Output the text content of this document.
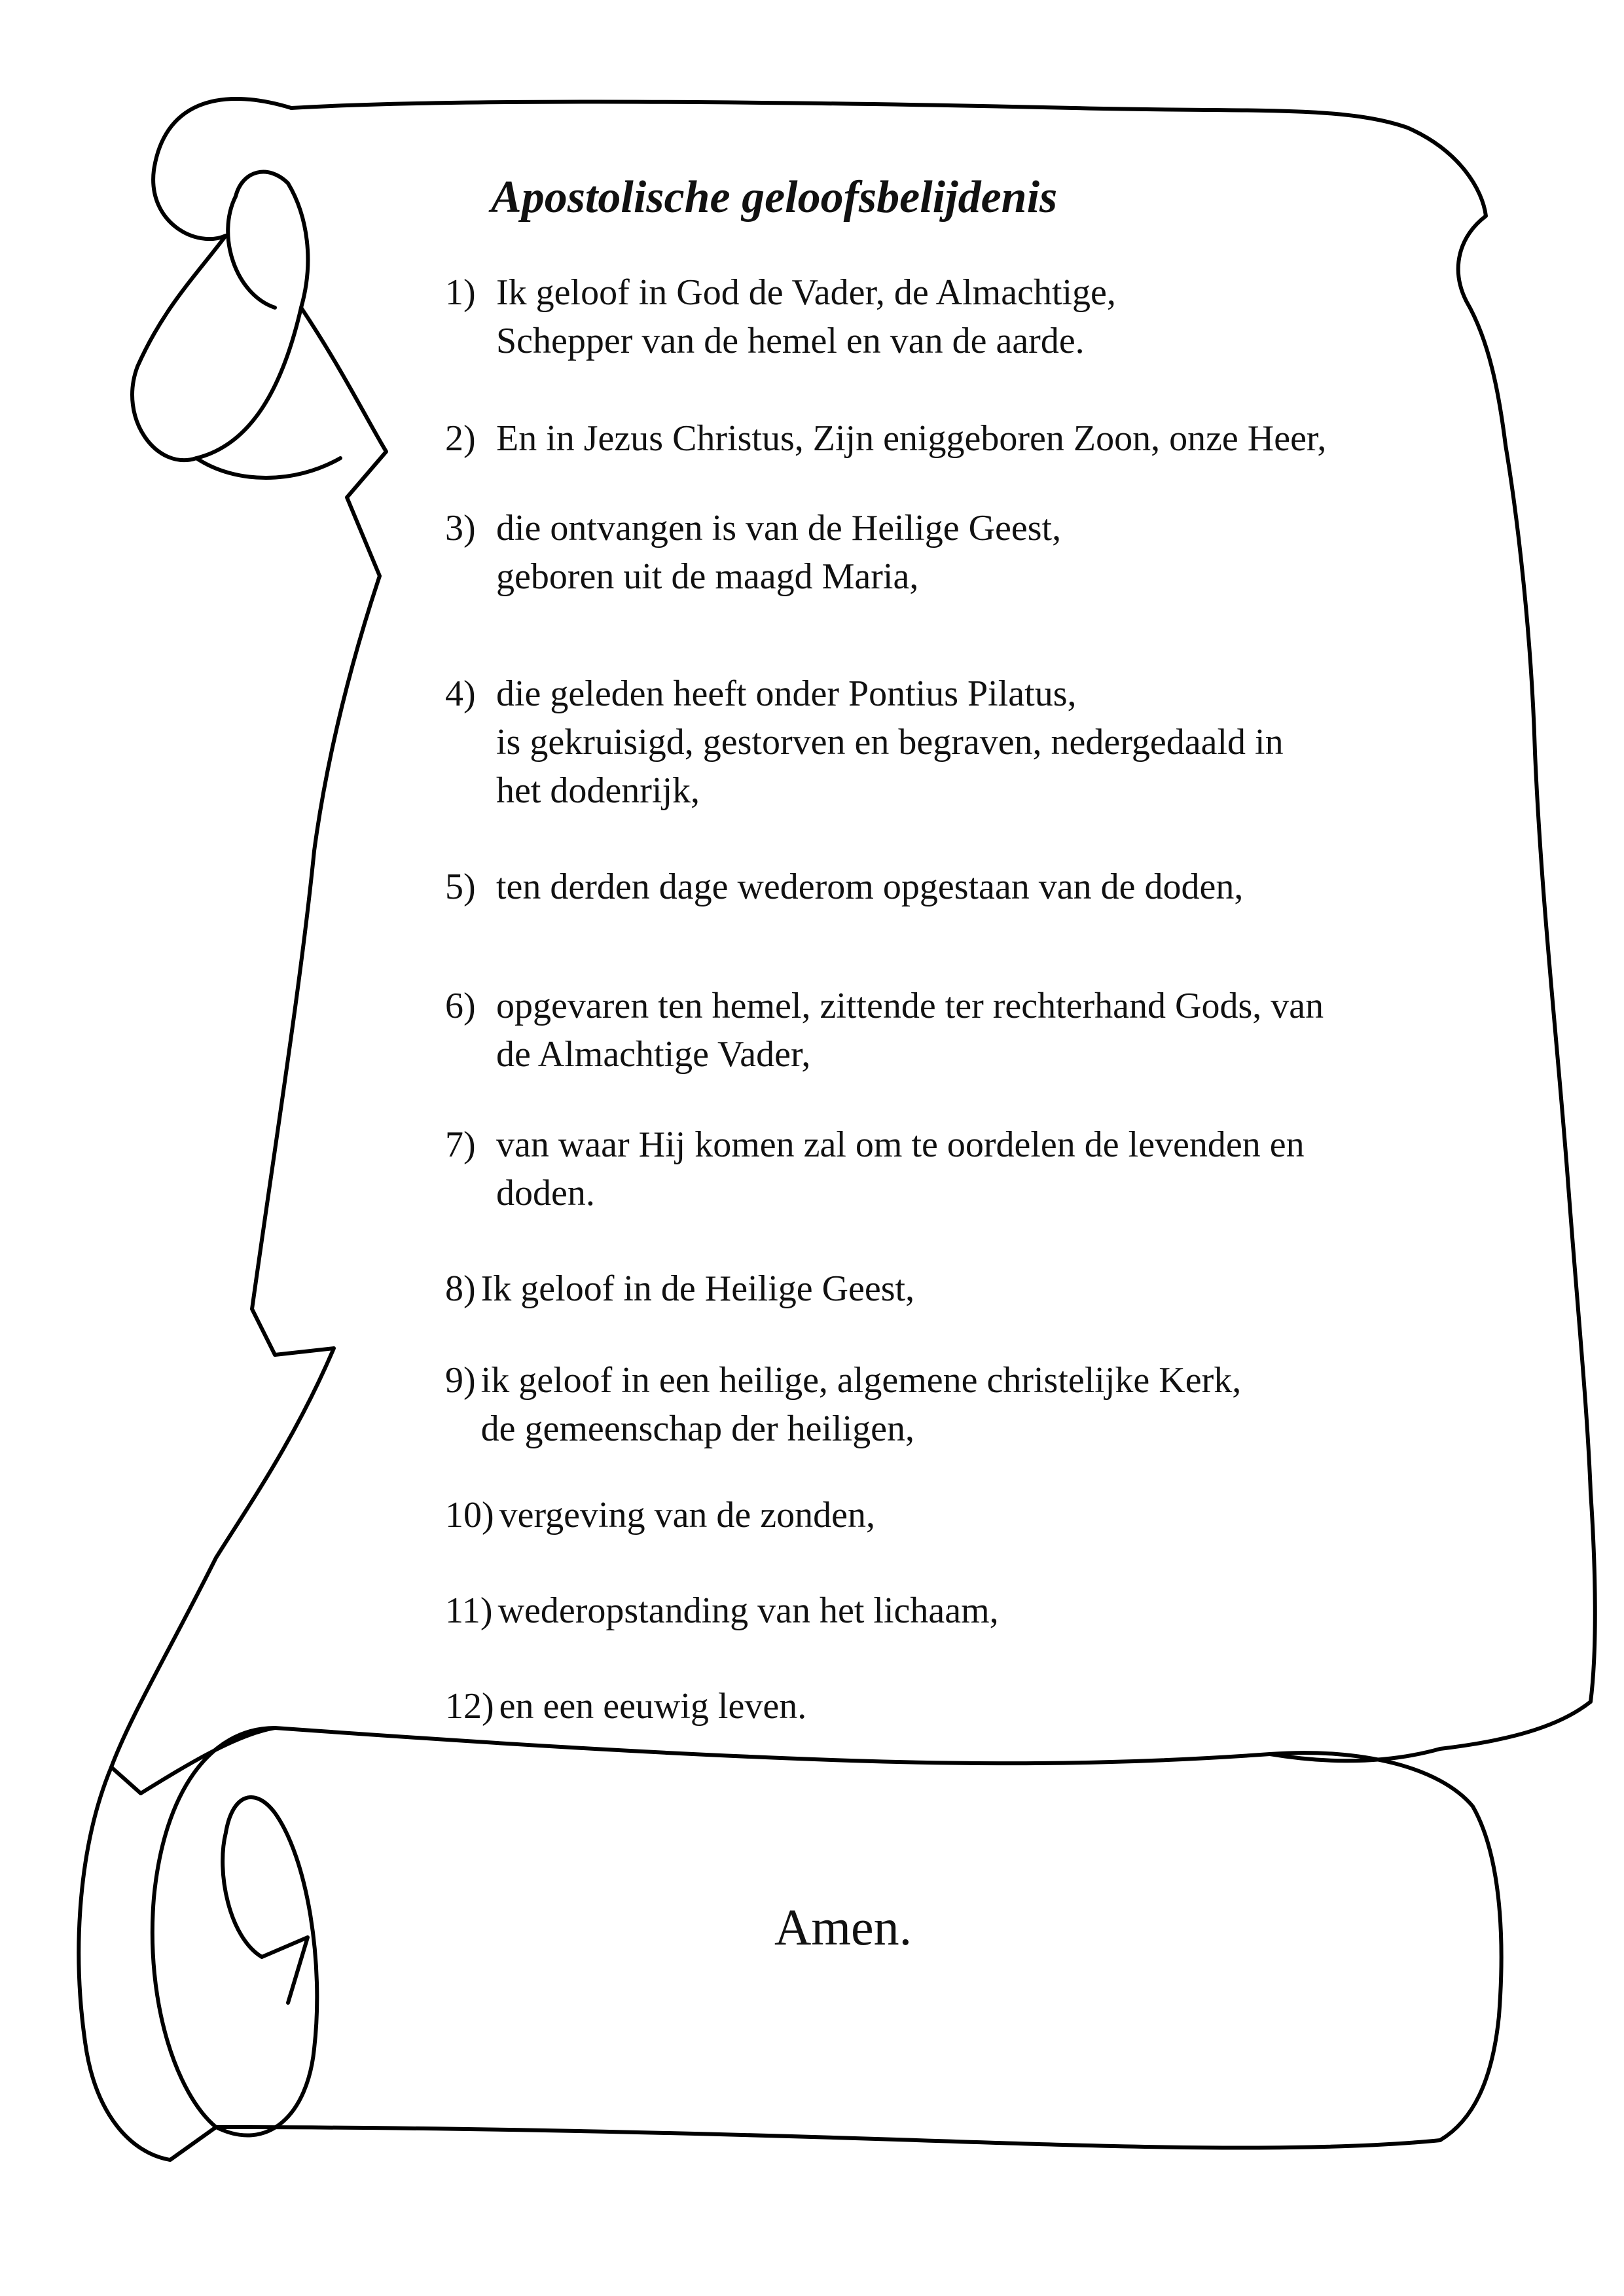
Apostolische geloofsbelijdenis
1) Ik geloof in God de Vader, de Almachtige,
Schepper van de hemel en van de aarde.
2) En in Jezus Christus, Zijn eniggeboren Zoon, onze Heer,
3) die ontvangen is van de Heilige Geest,
geboren uit de maagd Maria,
4) die geleden heeft onder Pontius Pilatus,
is gekruisigd, gestorven en begraven, nedergedaald in
het dodenrijk,
5) ten derden dage wederom opgestaan van de doden,
6) opgevaren ten hemel, zittende ter rechterhand Gods, van
de Almachtige Vader,
7) van waar Hij komen zal om te oordelen de levenden en
doden.
8) Ik geloof in de Heilige Geest,
9) ik geloof in een heilige, algemene christelijke Kerk,
de gemeenschap der heiligen,
10) vergeving van de zonden,
11) wederopstanding van het lichaam,
12) en een eeuwig leven.
Amen.
